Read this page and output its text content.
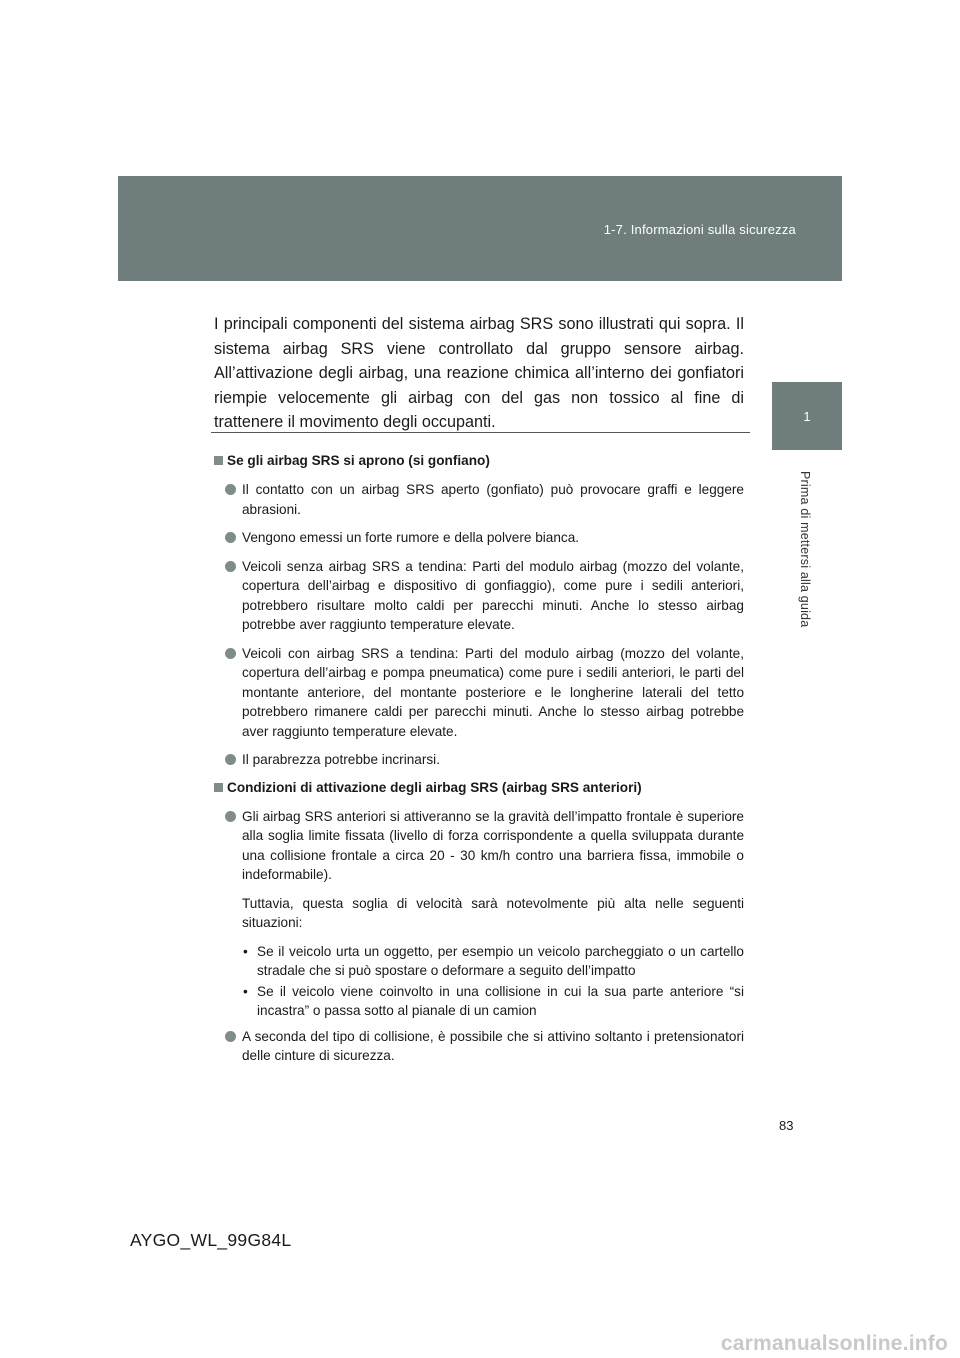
1-7. Informazioni sulla sicurezza
1
Prima di mettersi alla guida

I principali componenti del sistema airbag SRS sono illustrati qui sopra. Il sistema airbag SRS viene controllato dal gruppo sensore airbag. All’attivazione degli airbag, una reazione chimica all’interno dei gonfiatori riempie velocemente gli airbag con del gas non tossico al fine di trattenere il movimento degli occupanti.

Se gli airbag SRS si aprono (si gonfiano)
Il contatto con un airbag SRS aperto (gonfiato) può provocare graffi e leggere abrasioni.
Vengono emessi un forte rumore e della polvere bianca.
Veicoli senza airbag SRS a tendina: Parti del modulo airbag (mozzo del volante, copertura dell’airbag e dispositivo di gonfiaggio), come pure i sedili anteriori, potrebbero risultare molto caldi per parecchi minuti. Anche lo stesso airbag potrebbe aver raggiunto temperature elevate.
Veicoli con airbag SRS a tendina: Parti del modulo airbag (mozzo del volante, copertura dell’airbag e pompa pneumatica) come pure i sedili anteriori, le parti del montante anteriore, del montante posteriore e le longherine laterali del tetto potrebbero rimanere caldi per parecchi minuti. Anche lo stesso airbag potrebbe aver raggiunto temperature elevate.
Il parabrezza potrebbe incrinarsi.
Condizioni di attivazione degli airbag SRS (airbag SRS anteriori)
Gli airbag SRS anteriori si attiveranno se la gravità dell’impatto frontale è superiore alla soglia limite fissata (livello di forza corrispondente a quella sviluppata durante una collisione frontale a circa 20 - 30 km/h contro una barriera fissa, immobile o indeformabile).

Tuttavia, questa soglia di velocità sarà notevolmente più alta nelle seguenti situazioni:

• Se il veicolo urta un oggetto, per esempio un veicolo parcheggiato o un cartello stradale che si può spostare o deformare a seguito dell’impatto
• Se il veicolo viene coinvolto in una collisione in cui la sua parte anteriore “si incastra” o passa sotto al pianale di un camion
A seconda del tipo di collisione, è possibile che si attivino soltanto i pretensionatori delle cinture di sicurezza.
83
AYGO_WL_99G84L
carmanualsonline.info
